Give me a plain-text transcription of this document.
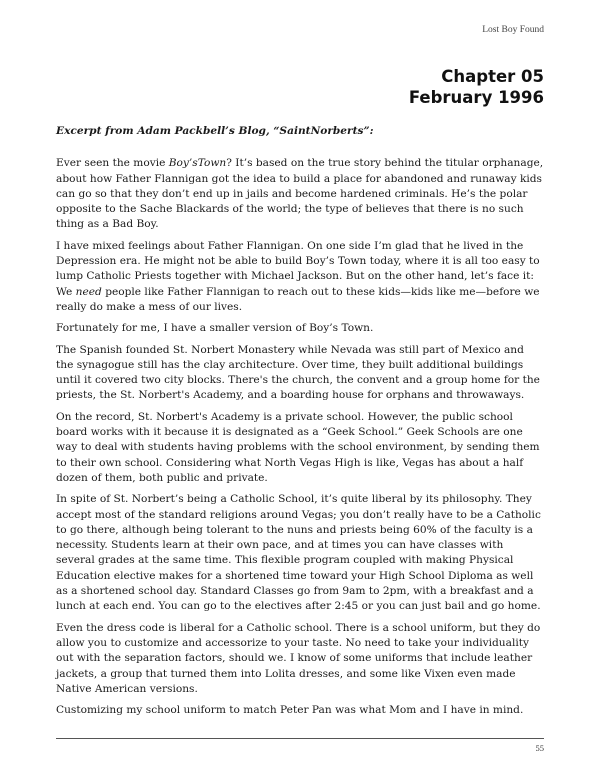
Lost Boy Found
Chapter 05
February 1996
Excerpt from Adam Packbell’s Blog, “SaintNorberts”:

Ever seen the movie Boy’sTown? It’s based on the true story behind the titular orphanage, about how Father Flannigan got the idea to build a place for abandoned and runaway kids can go so that they don’t end up in jails and become hardened criminals. He’s the polar opposite to the Sache Blackards of the world; the type of believes that there is no such thing as a Bad Boy.

I have mixed feelings about Father Flannigan. On one side I’m glad that he lived in the Depression era. He might not be able to build Boy’s Town today, where it is all too easy to lump Catholic Priests together with Michael Jackson. But on the other hand, let’s face it: We need people like Father Flannigan to reach out to these kids—kids like me—before we really do make a mess of our lives.

Fortunately for me, I have a smaller version of Boy’s Town.

The Spanish founded St. Norbert Monastery while Nevada was still part of Mexico and the synagogue still has the clay architecture. Over time, they built additional buildings until it covered two city blocks. There's the church, the convent and a group home for the priests, the St. Norbert's Academy, and a boarding house for orphans and throwaways.

On the record, St. Norbert's Academy is a private school. However, the public school board works with it because it is designated as a “Geek School.” Geek Schools are one way to deal with students having problems with the school environment, by sending them to their own school. Considering what North Vegas High is like, Vegas has about a half dozen of them, both public and private.

In spite of St. Norbert’s being a Catholic School, it’s quite liberal by its philosophy. They accept most of the standard religions around Vegas; you don’t really have to be a Catholic to go there, although being tolerant to the nuns and priests being 60% of the faculty is a necessity. Students learn at their own pace, and at times you can have classes with several grades at the same time. This flexible program coupled with making Physical Education elective makes for a shortened time toward your High School Diploma as well as a shortened school day. Standard Classes go from 9am to 2pm, with a breakfast and a lunch at each end. You can go to the electives after 2:45 or you can just bail and go home.

Even the dress code is liberal for a Catholic school. There is a school uniform, but they do allow you to customize and accessorize to your taste. No need to take your individuality out with the separation factors, should we. I know of some uniforms that include leather jackets, a group that turned them into Lolita dresses, and some like Vixen even made Native American versions.

Customizing my school uniform to match Peter Pan was what Mom and I have in mind.

55
